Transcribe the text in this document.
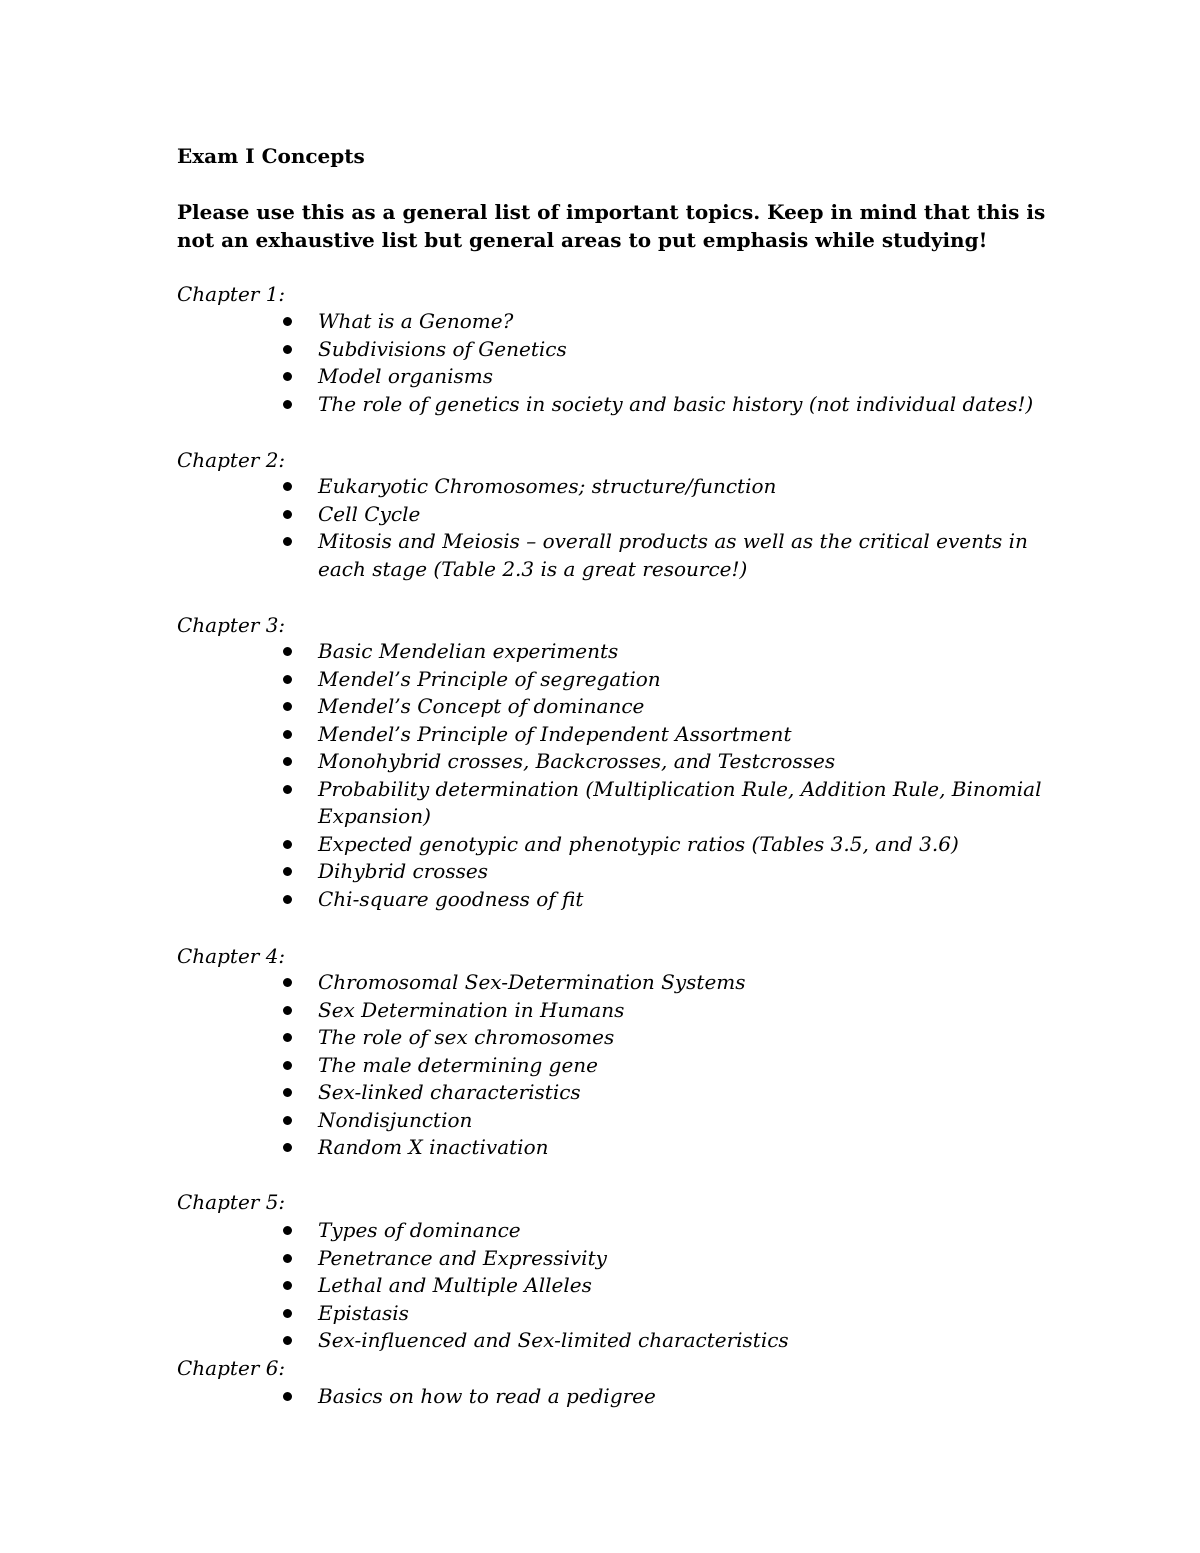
Exam I Concepts
Please use this as a general list of important topics. Keep in mind that this is
not an exhaustive list but general areas to put emphasis while studying!
Chapter 1:
What is a Genome?
Subdivisions of Genetics
Model organisms
The role of genetics in society and basic history (not individual dates!)
Chapter 2:
Eukaryotic Chromosomes; structure/function
Cell Cycle
Mitosis and Meiosis – overall products as well as the critical events in
each stage (Table 2.3 is a great resource!)
Chapter 3:
Basic Mendelian experiments
Mendel’s Principle of segregation
Mendel’s Concept of dominance
Mendel’s Principle of Independent Assortment
Monohybrid crosses, Backcrosses, and Testcrosses
Probability determination (Multiplication Rule, Addition Rule, Binomial
Expansion)
Expected genotypic and phenotypic ratios (Tables 3.5, and 3.6)
Dihybrid crosses
Chi-square goodness of fit
Chapter 4:
Chromosomal Sex-Determination Systems
Sex Determination in Humans
The role of sex chromosomes
The male determining gene
Sex-linked characteristics
Nondisjunction
Random X inactivation
Chapter 5:
Types of dominance
Penetrance and Expressivity
Lethal and Multiple Alleles
Epistasis
Sex-influenced and Sex-limited characteristics
Chapter 6:
Basics on how to read a pedigree
